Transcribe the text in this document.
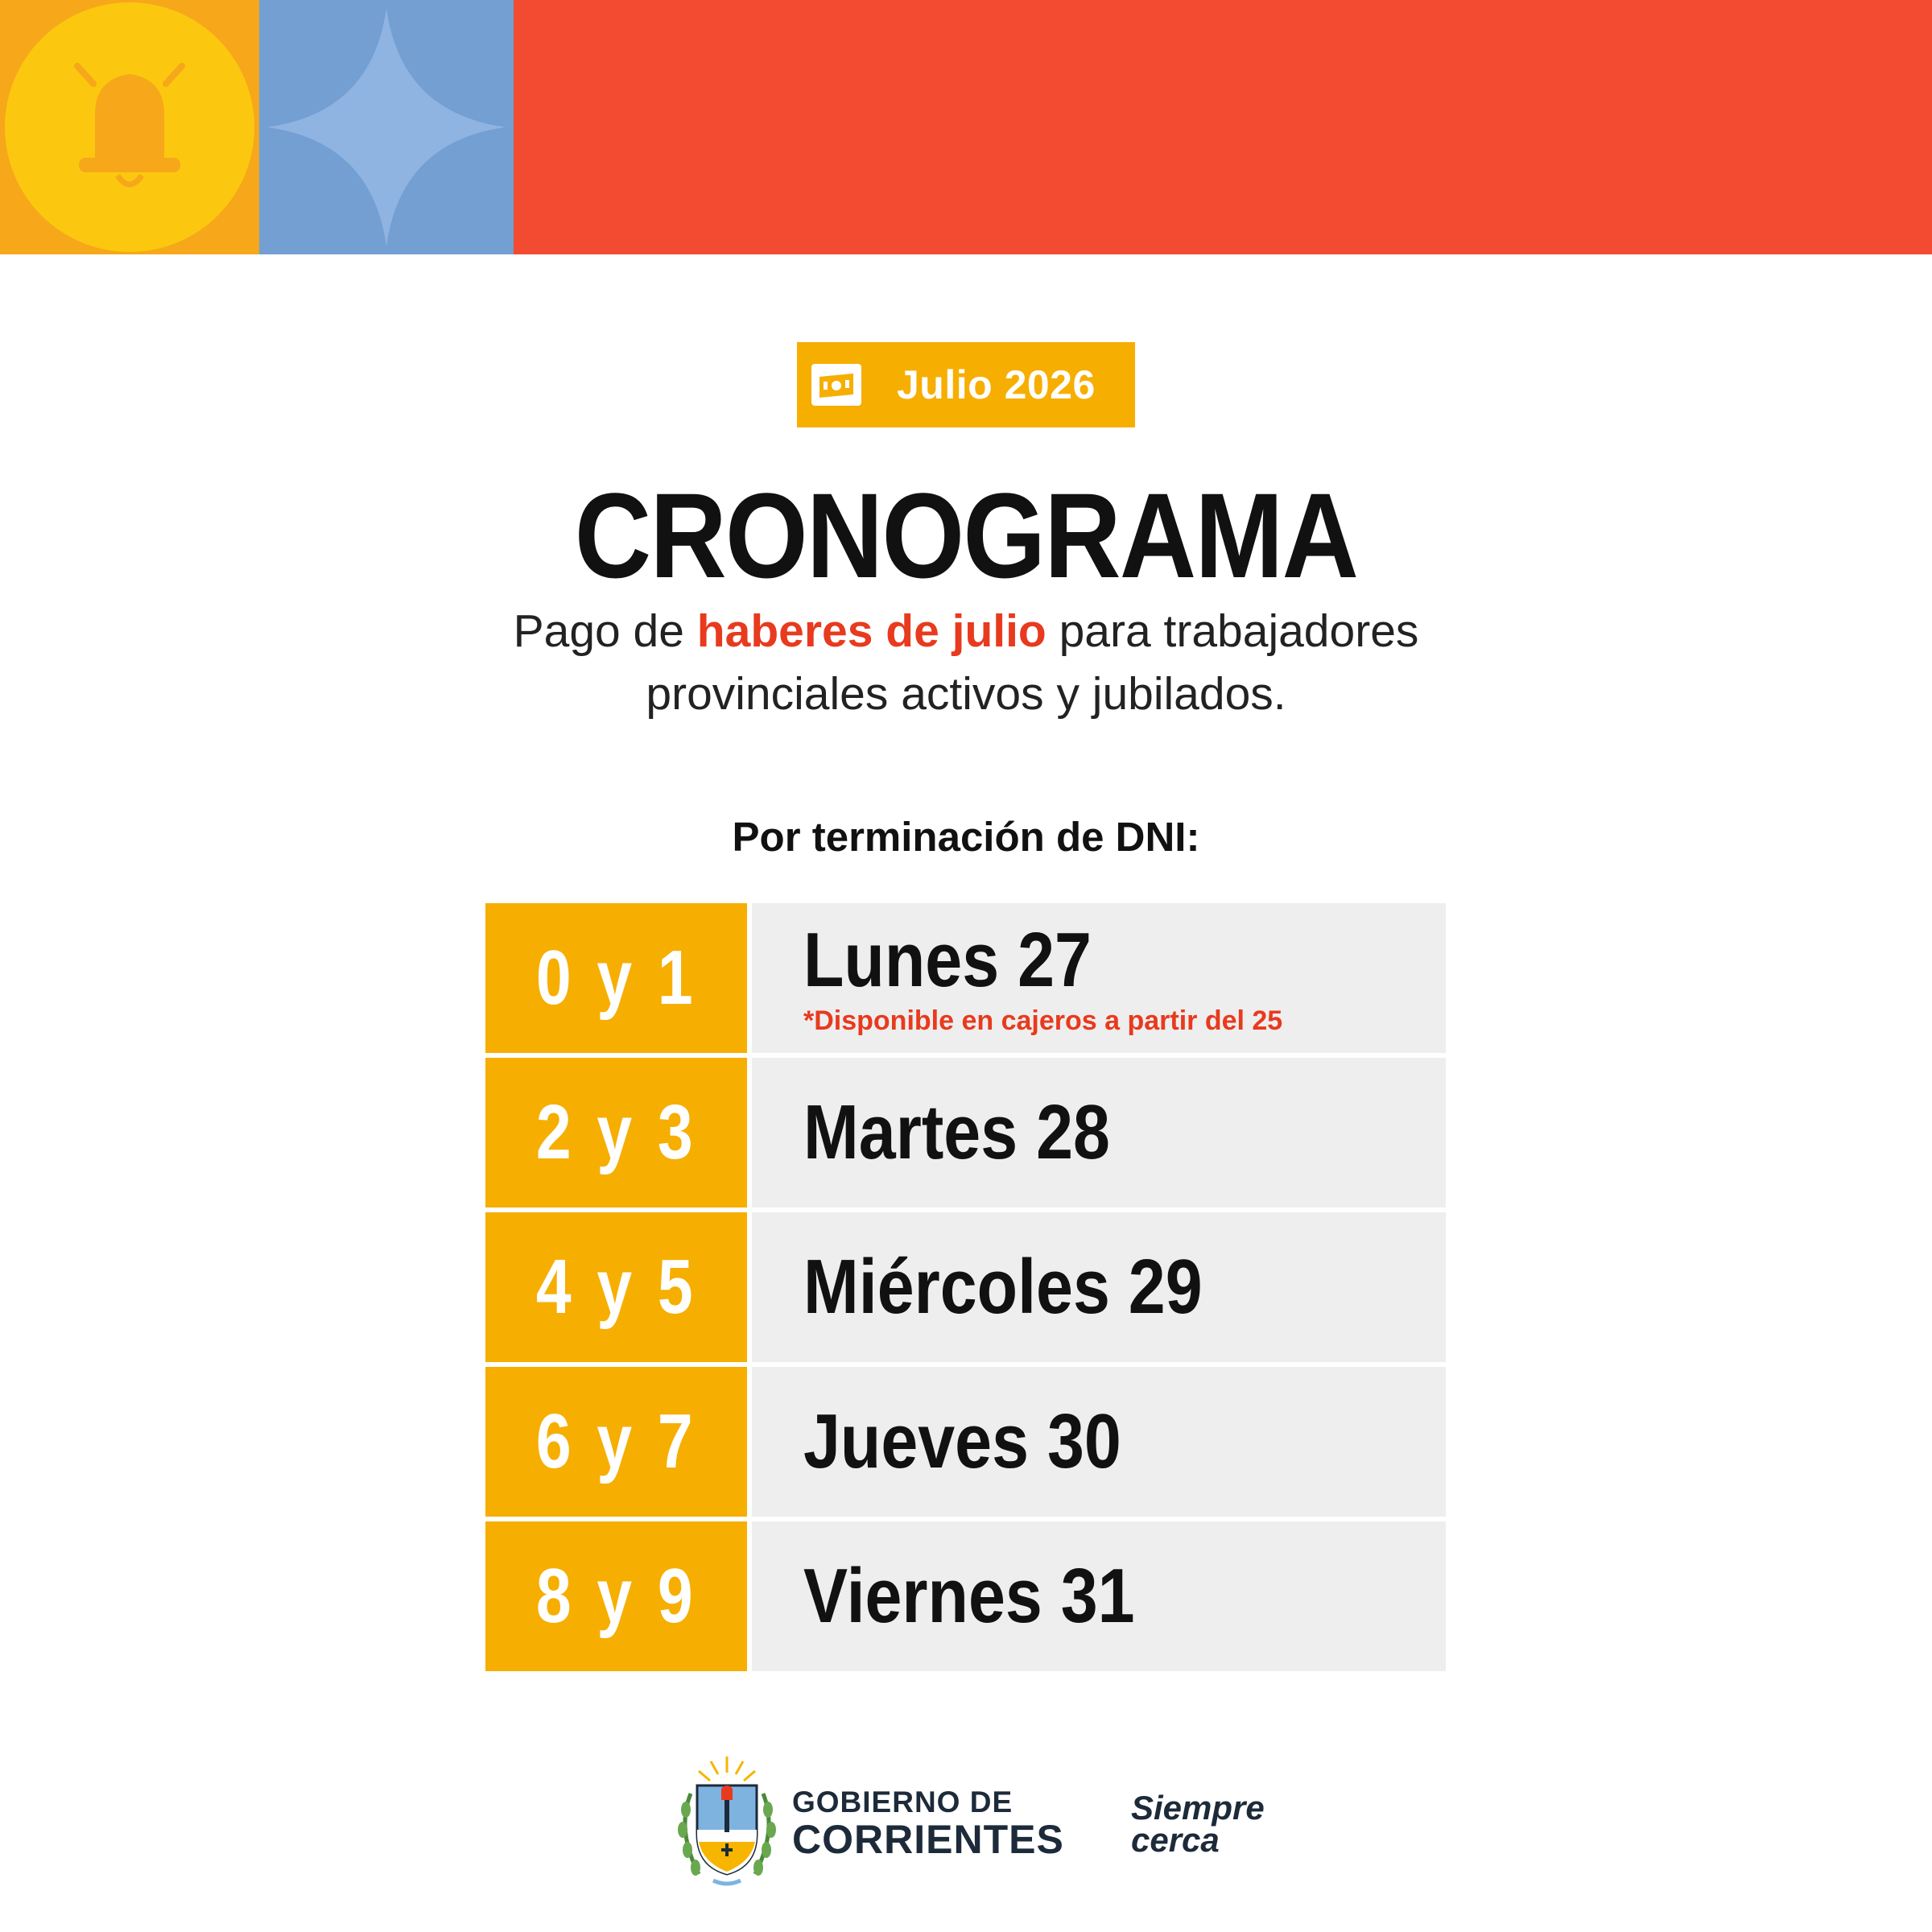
Julio 2026
CRONOGRAMA
Pago de haberes de julio para trabajadores
provinciales activos y jubilados.
Por terminación de DNI:
0 y 1 Lunes 27
*Disponible en cajeros a partir del 25
2 y 3 Martes 28
4 y 5 Miércoles 29
6 y 7 Jueves 30
8 y 9 Viernes 31
GOBIERNO DE
CORRIENTES
Siempre
cerca
